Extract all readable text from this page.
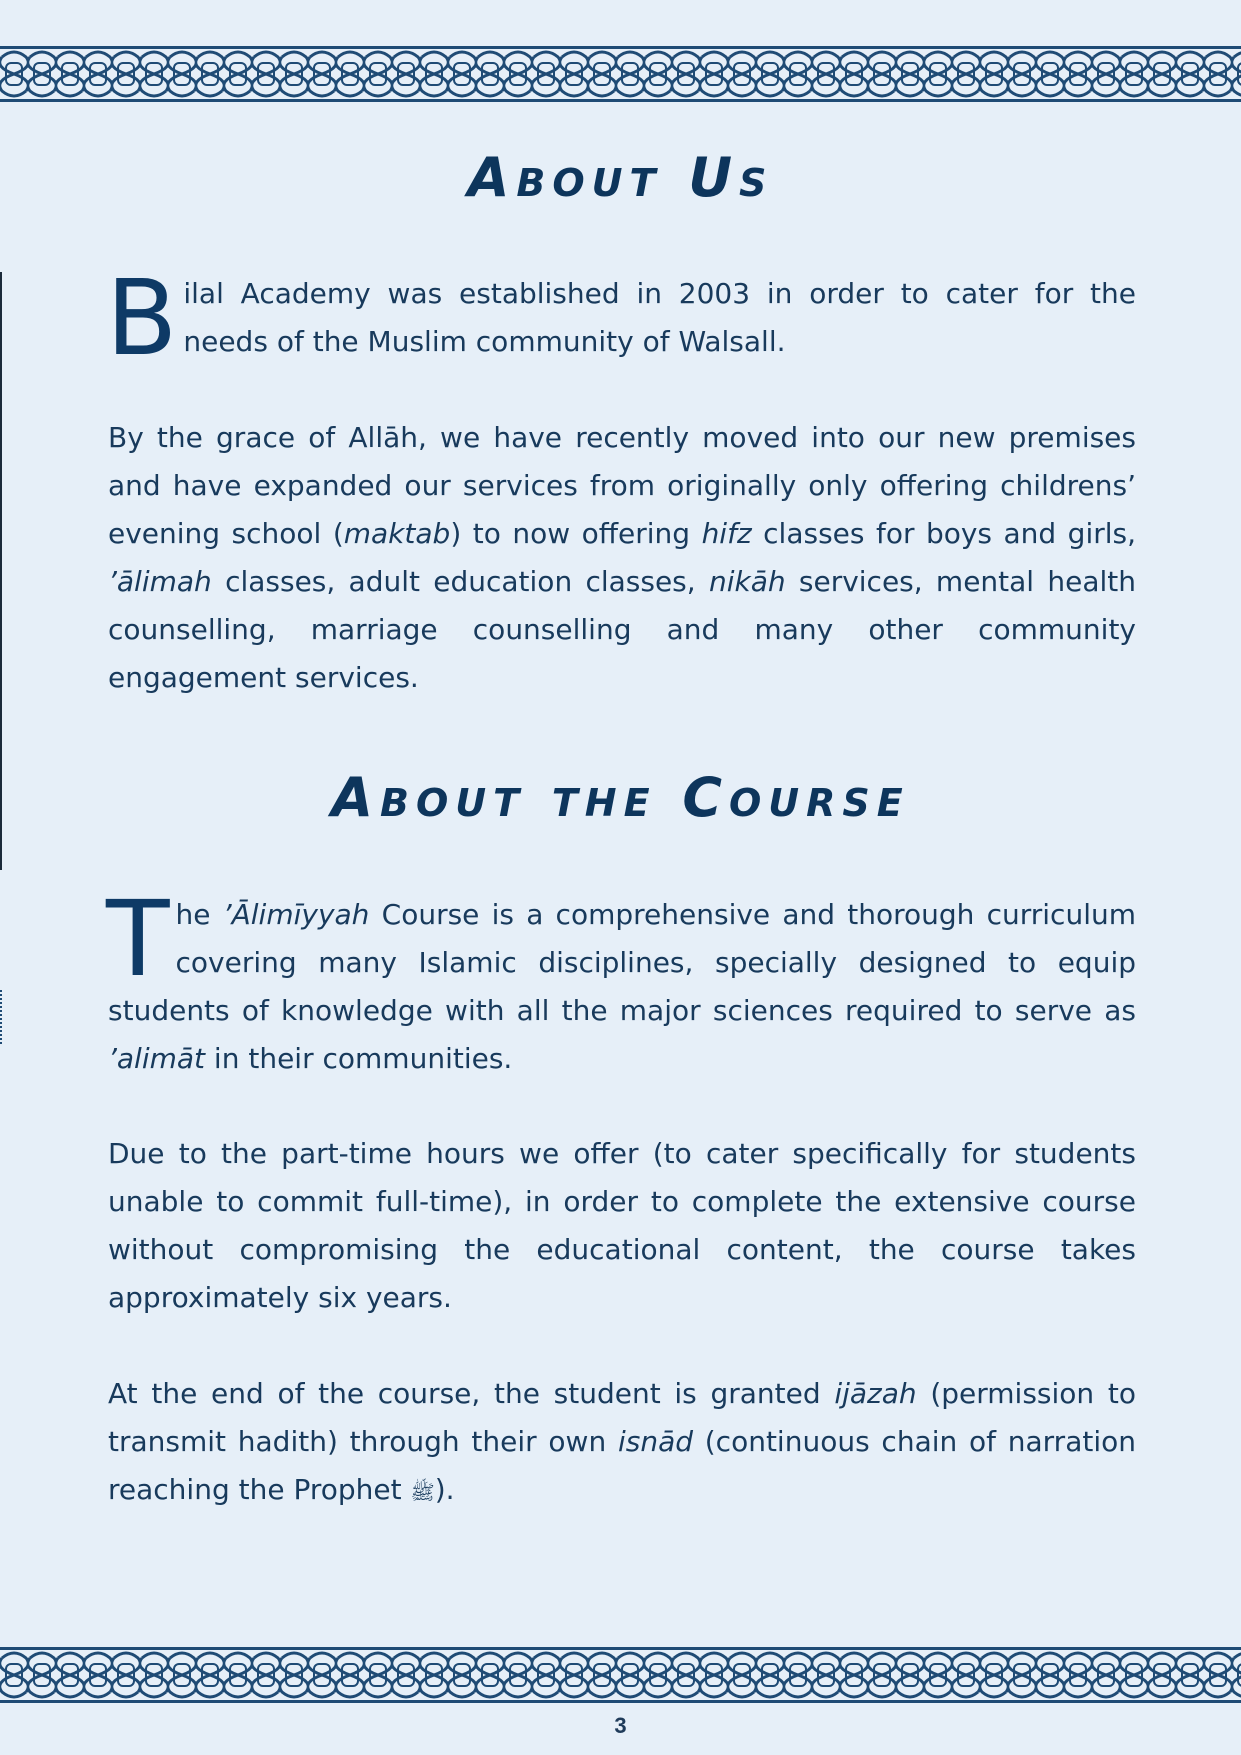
About Us

Bilal Academy was established in 2003 in order to cater for the needs of the Muslim community of Walsall.

By the grace of Allāh, we have recently moved into our new premises and have expanded our services from originally only offering childrens’ evening school (maktab) to now offering hifz classes for boys and girls, ’ālimah classes, adult education classes, nikāh services, mental health counselling, marriage counselling and many other community engagement services.

About the Course

The ’Ālimīyyah Course is a comprehensive and thorough curriculum covering many Islamic disciplines, specially designed to equip students of knowledge with all the major sciences required to serve as ’alimāt in their communities.

Due to the part-time hours we offer (to cater specifically for students unable to commit full-time), in order to complete the extensive course without compromising the educational content, the course takes approximately six years.

At the end of the course, the student is granted ijāzah (permission to transmit hadith) through their own isnād (continuous chain of narration reaching the Prophet ﷺ).

3
